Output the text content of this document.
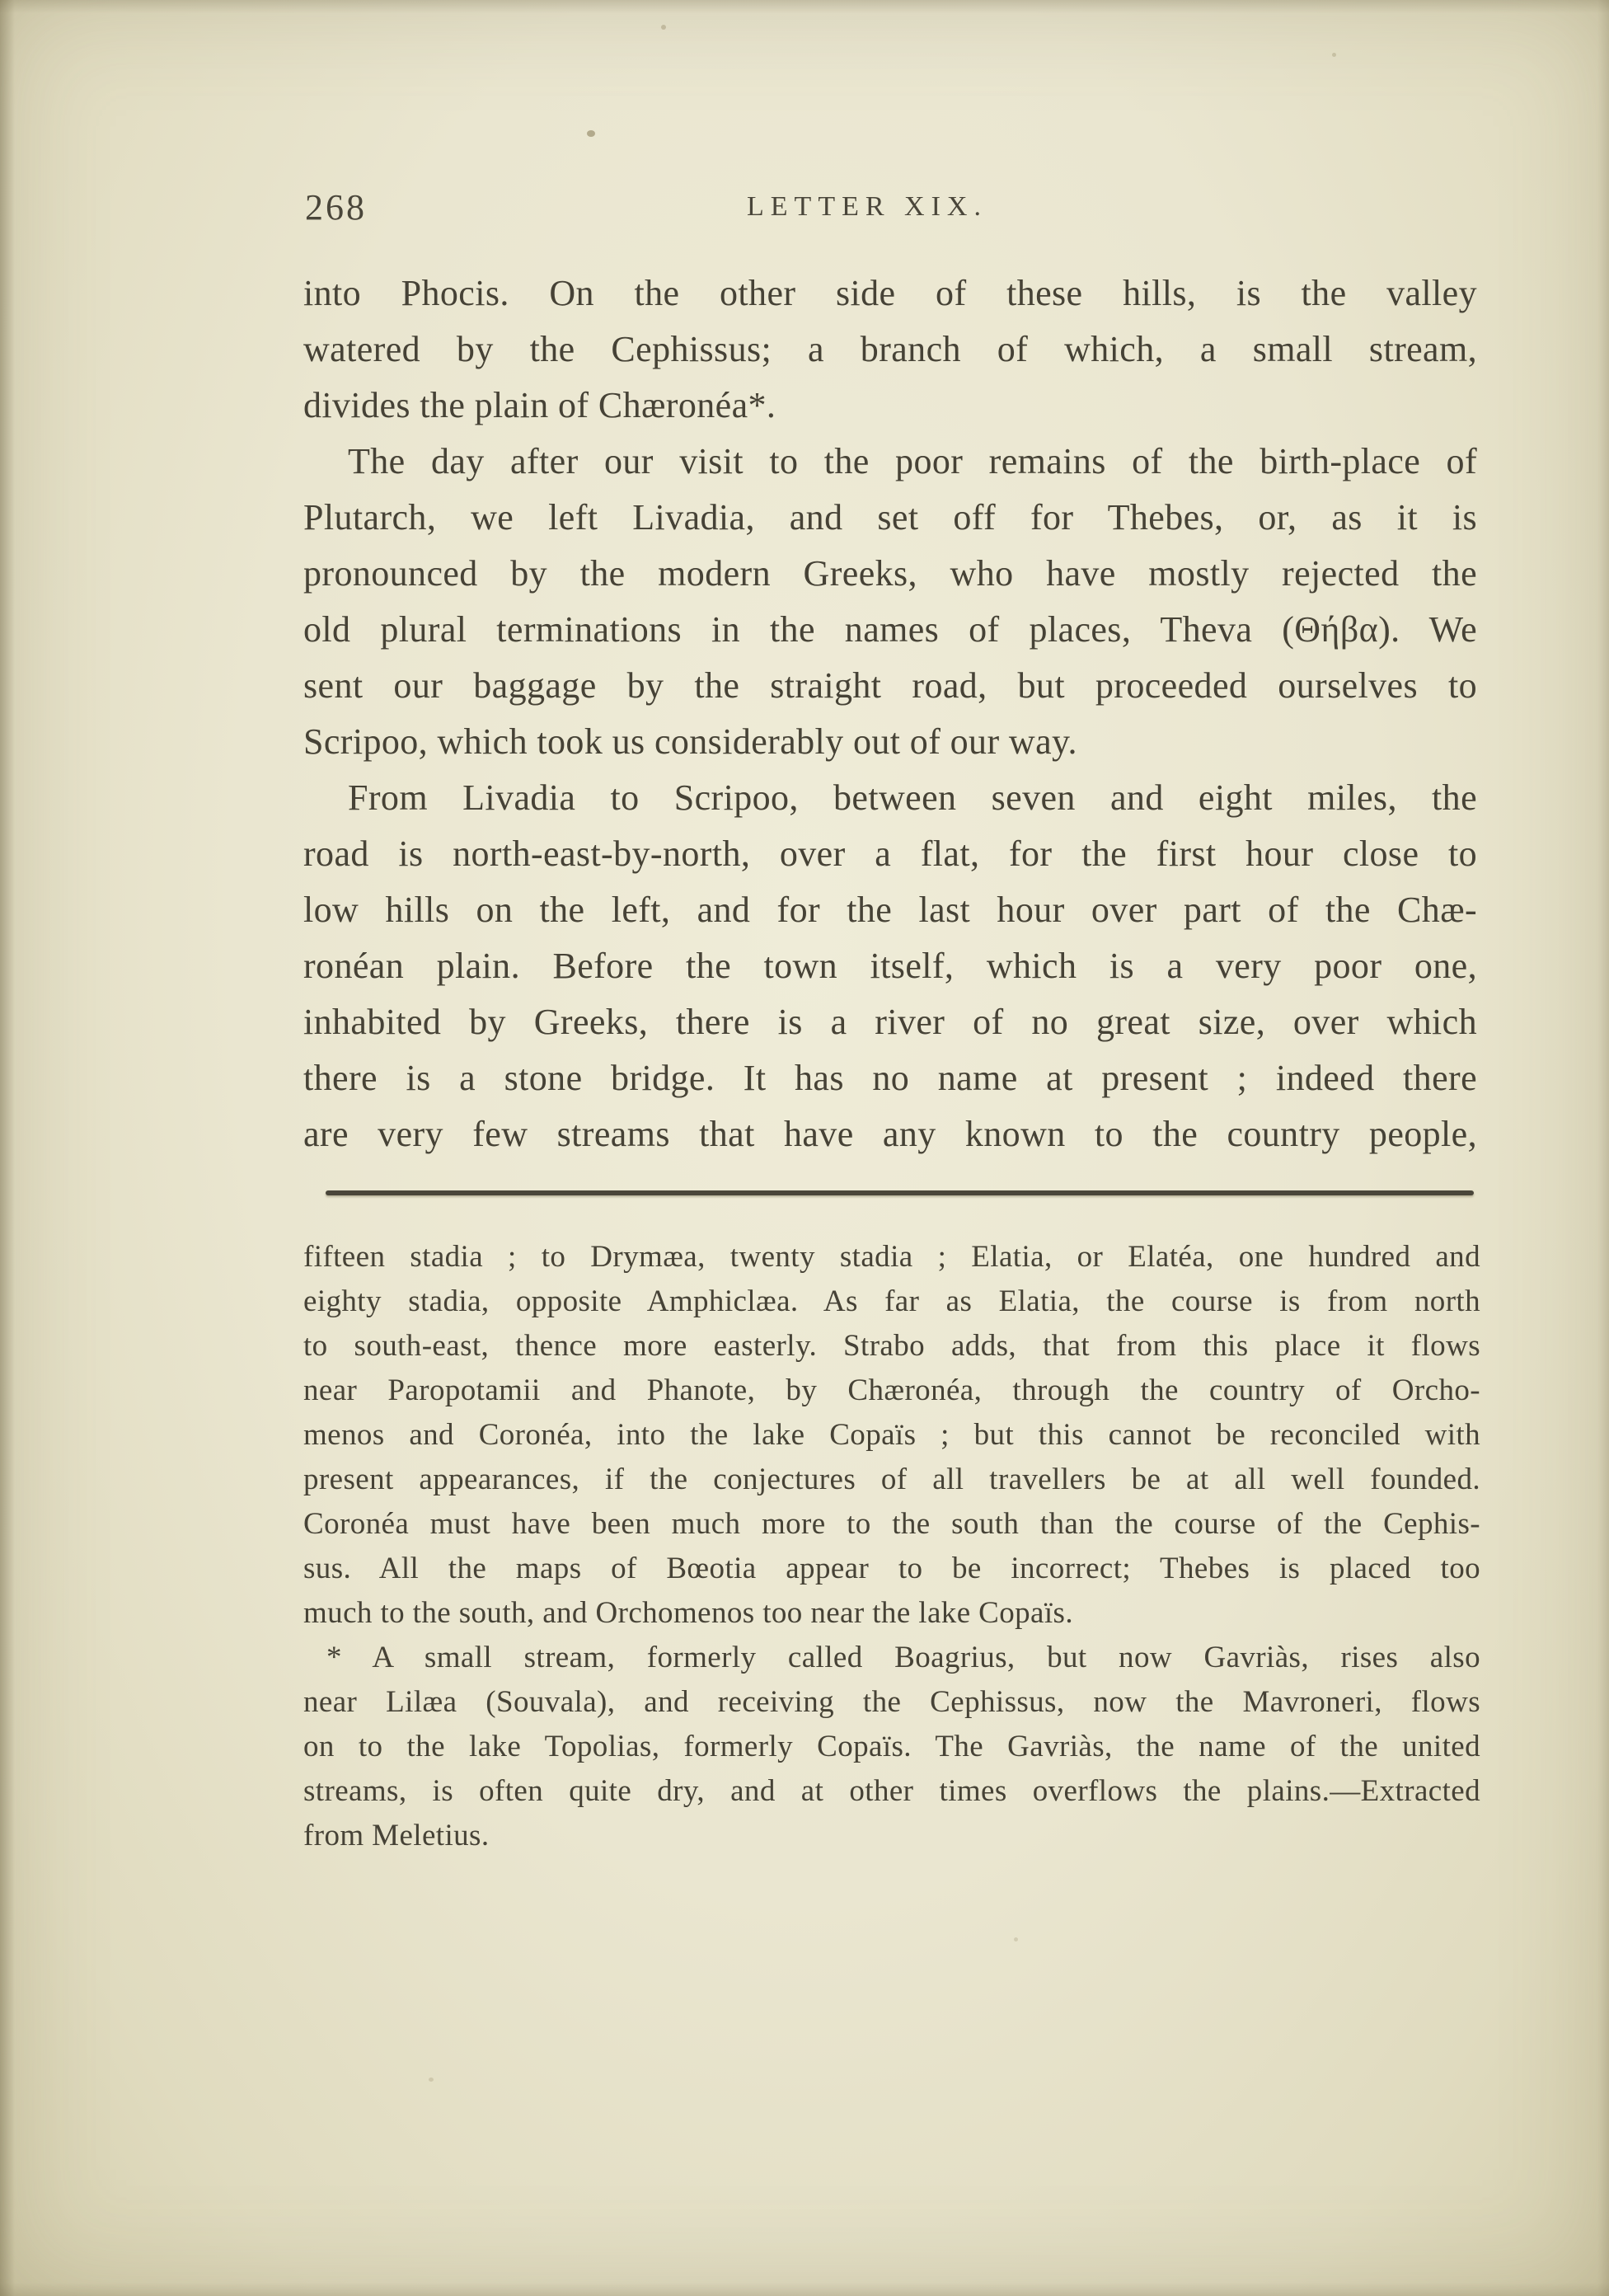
268	LETTER XIX.
into Phocis. On the other side of these hills, is the valley
watered by the Cephissus; a branch of which, a small stream,
divides the plain of Chæronéa*.
The day after our visit to the poor remains of the birth-place of
Plutarch, we left Livadia, and set off for Thebes, or, as it is
pronounced by the modern Greeks, who have mostly rejected the
old plural terminations in the names of places, Theva (Θήβα). We
sent our baggage by the straight road, but proceeded ourselves to
Scripoo, which took us considerably out of our way.
From Livadia to Scripoo, between seven and eight miles, the
road is north-east-by-north, over a flat, for the first hour close to
low hills on the left, and for the last hour over part of the Chæ-
ronéan plain. Before the town itself, which is a very poor one,
inhabited by Greeks, there is a river of no great size, over which
there is a stone bridge. It has no name at present ; indeed there
are very few streams that have any known to the country people,
fifteen stadia ; to Drymæa, twenty stadia ; Elatia, or Elatéa, one hundred and
eighty stadia, opposite Amphiclæa. As far as Elatia, the course is from north
to south-east, thence more easterly. Strabo adds, that from this place it flows
near Paropotamii and Phanote, by Chæronéa, through the country of Orcho-
menos and Coronéa, into the lake Copaïs ; but this cannot be reconciled with
present appearances, if the conjectures of all travellers be at all well founded.
Coronéa must have been much more to the south than the course of the Cephis-
sus. All the maps of Bœotia appear to be incorrect; Thebes is placed too
much to the south, and Orchomenos too near the lake Copaïs.
* A small stream, formerly called Boagrius, but now Gavriàs, rises also
near Lilæa (Souvala), and receiving the Cephissus, now the Mavroneri, flows
on to the lake Topolias, formerly Copaïs. The Gavriàs, the name of the united
streams, is often quite dry, and at other times overflows the plains.—Extracted
from Meletius.
